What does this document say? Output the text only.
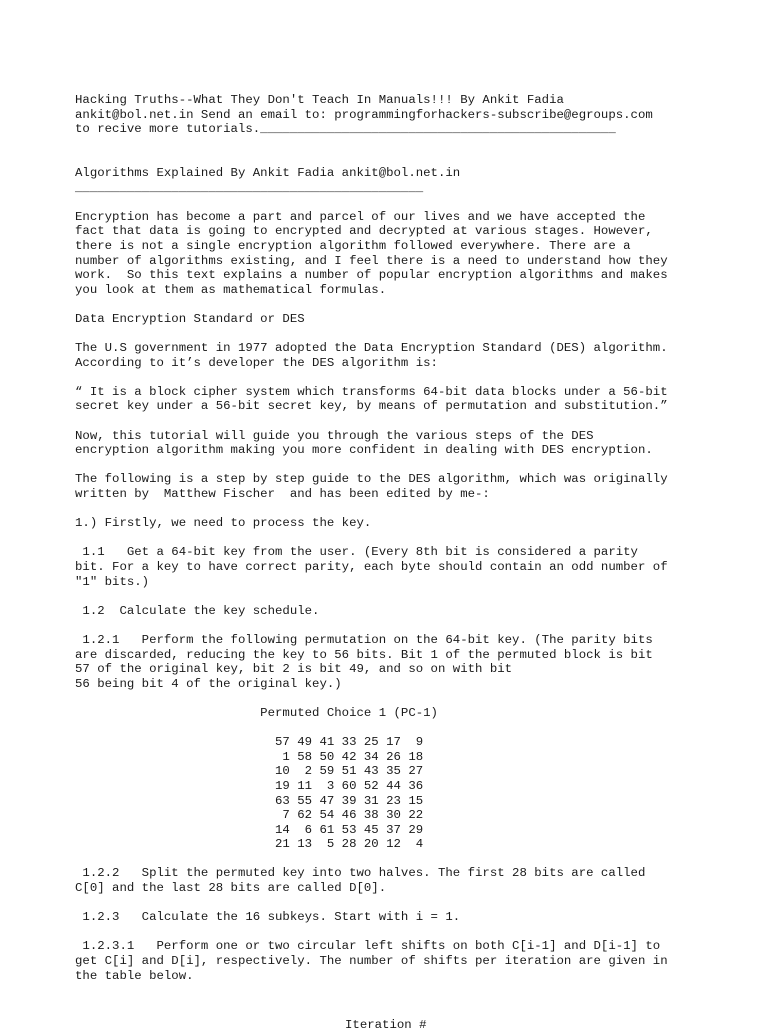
Hacking Truths--What They Don't Teach In Manuals!!! By Ankit Fadia
ankit@bol.net.in Send an email to: programmingforhackers-subscribe@egroups.com
to recive more tutorials.________________________________________________

Algorithms Explained By Ankit Fadia ankit@bol.net.in
_______________________________________________

Encryption has become a part and parcel of our lives and we have accepted the
fact that data is going to encrypted and decrypted at various stages. However,
there is not a single encryption algorithm followed everywhere. There are a
number of algorithms existing, and I feel there is a need to understand how they
work.  So this text explains a number of popular encryption algorithms and makes
you look at them as mathematical formulas.

Data Encryption Standard or DES

The U.S government in 1977 adopted the Data Encryption Standard (DES) algorithm.
According to it’s developer the DES algorithm is:

“ It is a block cipher system which transforms 64-bit data blocks under a 56-bit
secret key under a 56-bit secret key, by means of permutation and substitution.”

Now, this tutorial will guide you through the various steps of the DES
encryption algorithm making you more confident in dealing with DES encryption.

The following is a step by step guide to the DES algorithm, which was originally
written by  Matthew Fischer  and has been edited by me-:

1.) Firstly, we need to process the key.

1.1   Get a 64-bit key from the user. (Every 8th bit is considered a parity
bit. For a key to have correct parity, each byte should contain an odd number of
"1" bits.)

1.2  Calculate the key schedule.

1.2.1   Perform the following permutation on the 64-bit key. (The parity bits
are discarded, reducing the key to 56 bits. Bit 1 of the permuted block is bit
57 of the original key, bit 2 is bit 49, and so on with bit
56 being bit 4 of the original key.)

Permuted Choice 1 (PC-1)

57 49 41 33 25 17  9
1 58 50 42 34 26 18
10  2 59 51 43 35 27
19 11  3 60 52 44 36
63 55 47 39 31 23 15
7 62 54 46 38 30 22
14  6 61 53 45 37 29
21 13  5 28 20 12  4

1.2.2   Split the permuted key into two halves. The first 28 bits are called
C[0] and the last 28 bits are called D[0].

1.2.3   Calculate the 16 subkeys. Start with i = 1.

1.2.3.1   Perform one or two circular left shifts on both C[i-1] and D[i-1] to
get C[i] and D[i], respectively. The number of shifts per iteration are given in
the table below.
Iteration #
